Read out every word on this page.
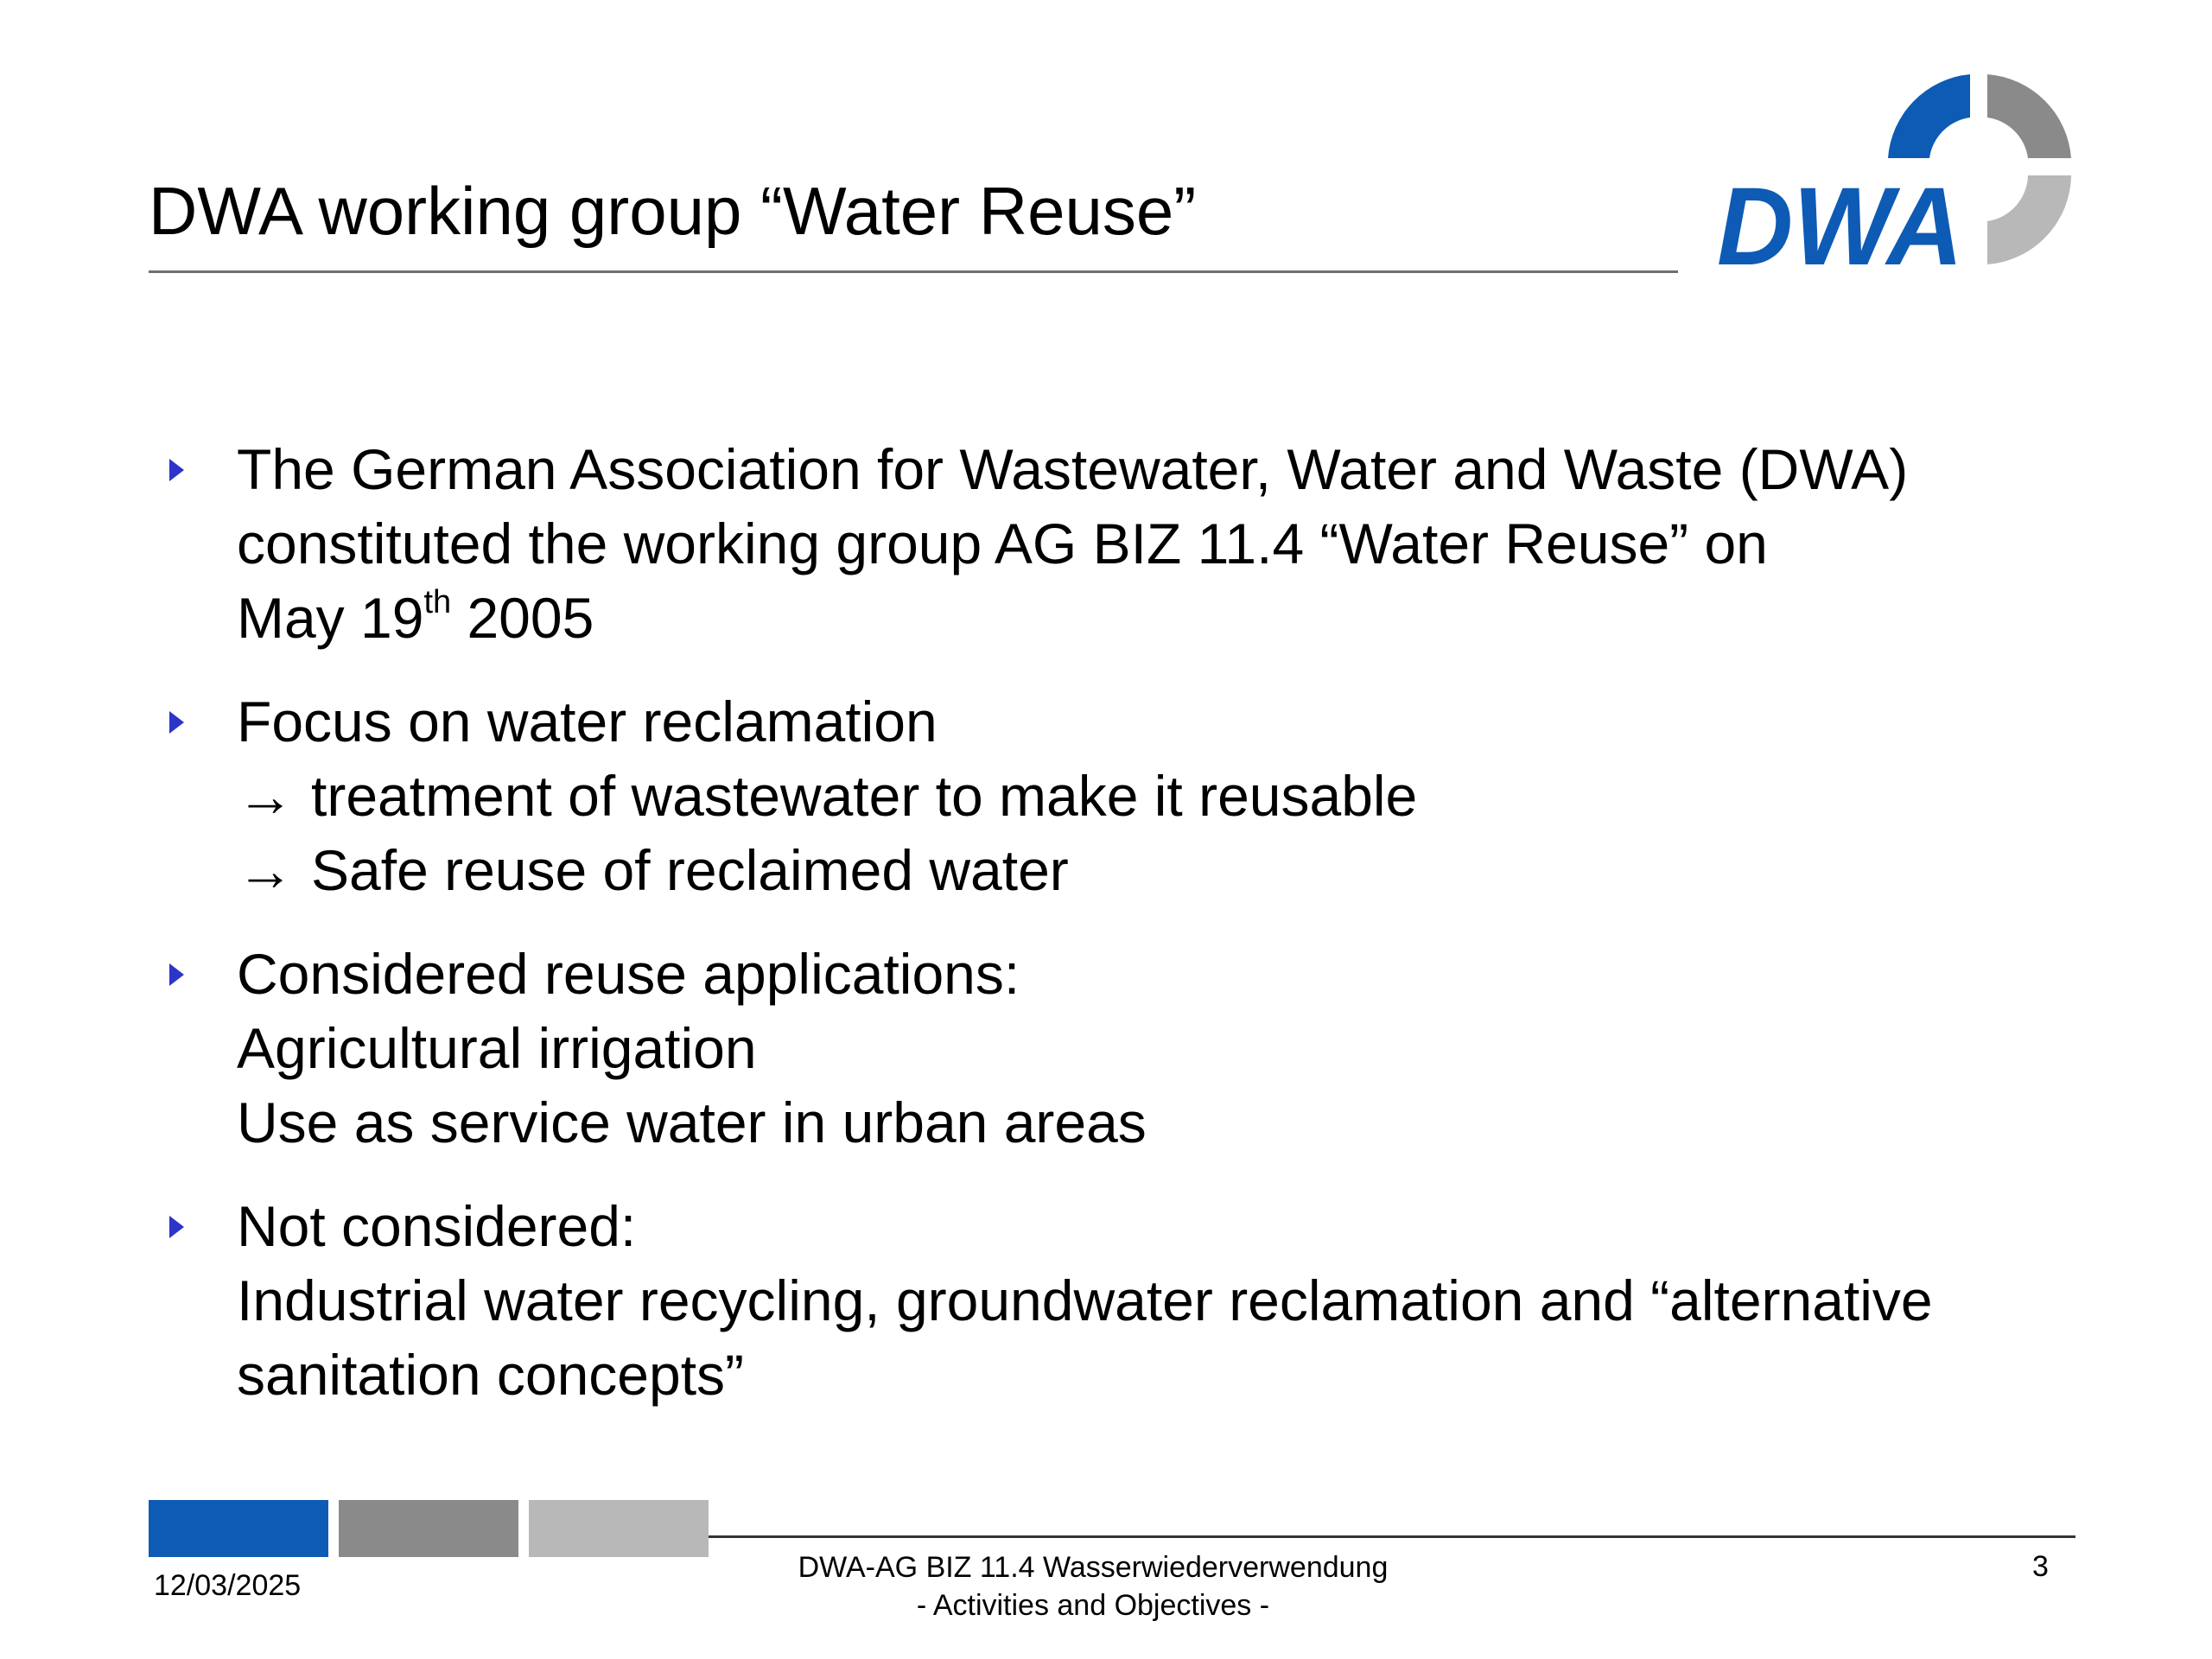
DWA working group “Water Reuse”	DWA
The German Association for Wastewater, Water and Waste (DWA)
constituted the working group AG BIZ 11.4 “Water Reuse” on
May 19th 2005
Focus on water reclamation
→ treatment of wastewater to make it reusable
→ Safe reuse of reclaimed water
Considered reuse applications:
Agricultural irrigation
Use as service water in urban areas
Not considered:
Industrial water recycling, groundwater reclamation and “alternative
sanitation concepts”
12/03/2025
DWA-AG BIZ 11.4 Wasserwiederverwendung
- Activities and Objectives -
3
